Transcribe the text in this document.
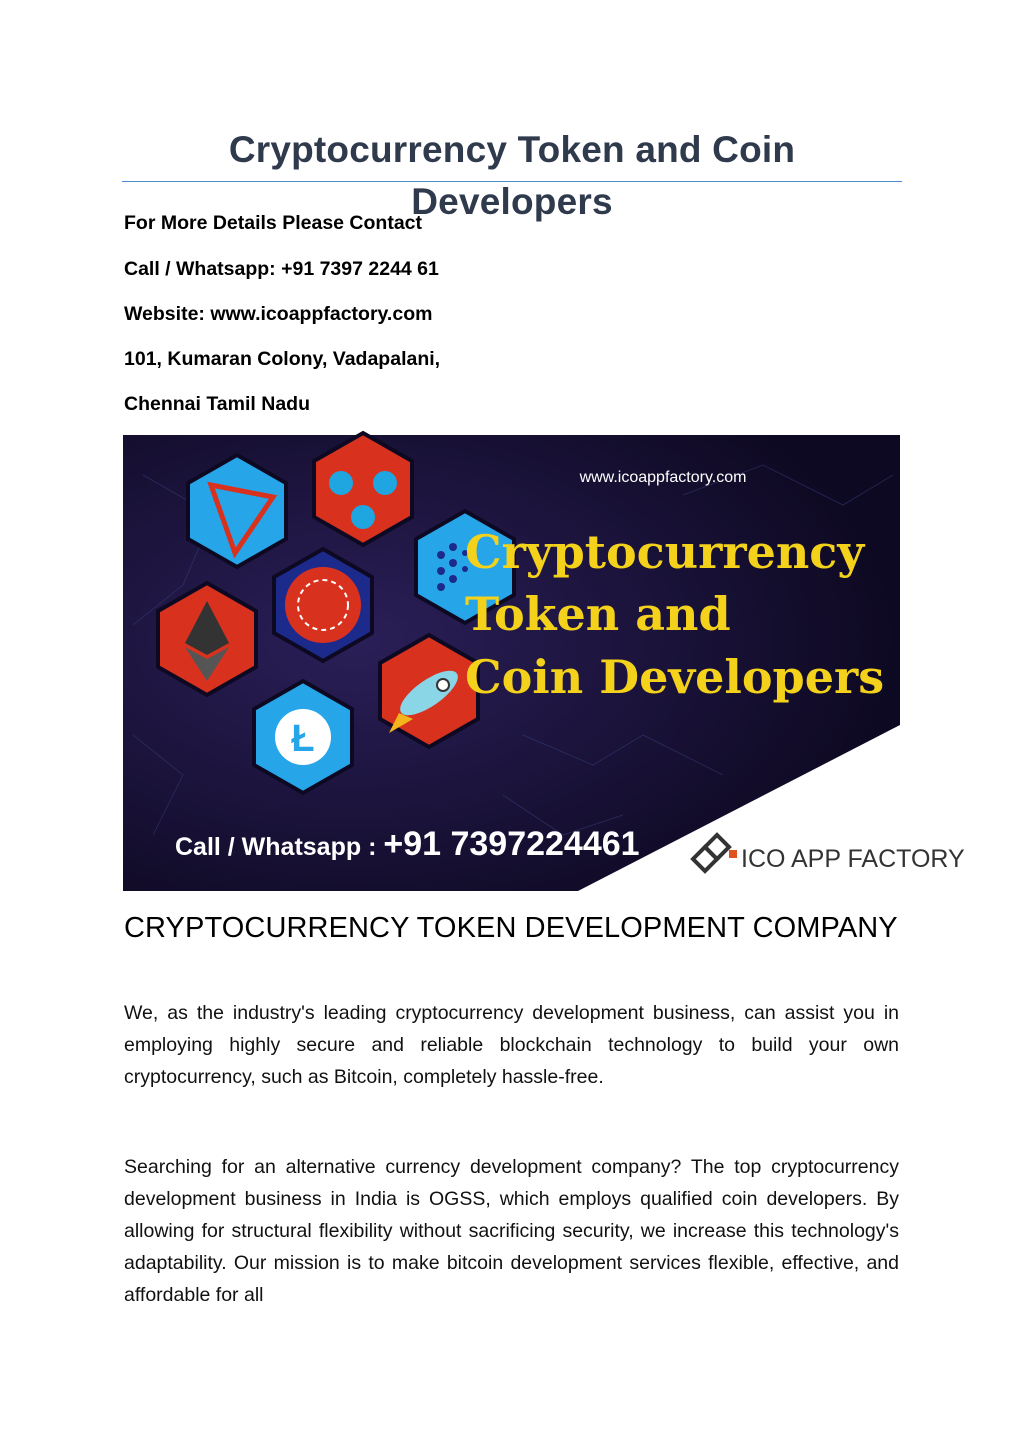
Cryptocurrency Token and Coin Developers
For More Details Please Contact
Call / Whatsapp: +91 7397 2244 61
Website: www.icoappfactory.com
101, Kumaran Colony, Vadapalani,
Chennai Tamil Nadu
Ł
www.icoappfactory.com
Cryptocurrency
Token and
Coin Developers
Call / Whatsapp : +91 7397224461	ICO APP FACTORY
CRYPTOCURRENCY TOKEN DEVELOPMENT COMPANY
We, as the industry's leading cryptocurrency development business, can assist you in employing highly secure and reliable blockchain technology to build your own cryptocurrency, such as Bitcoin, completely hassle-free.
Searching for an alternative currency development company? The top cryptocurrency development business in India is OGSS, which employs qualified coin developers. By allowing for structural flexibility without sacrificing security, we increase this technology's adaptability. Our mission is to make bitcoin development services flexible, effective, and affordable for all
